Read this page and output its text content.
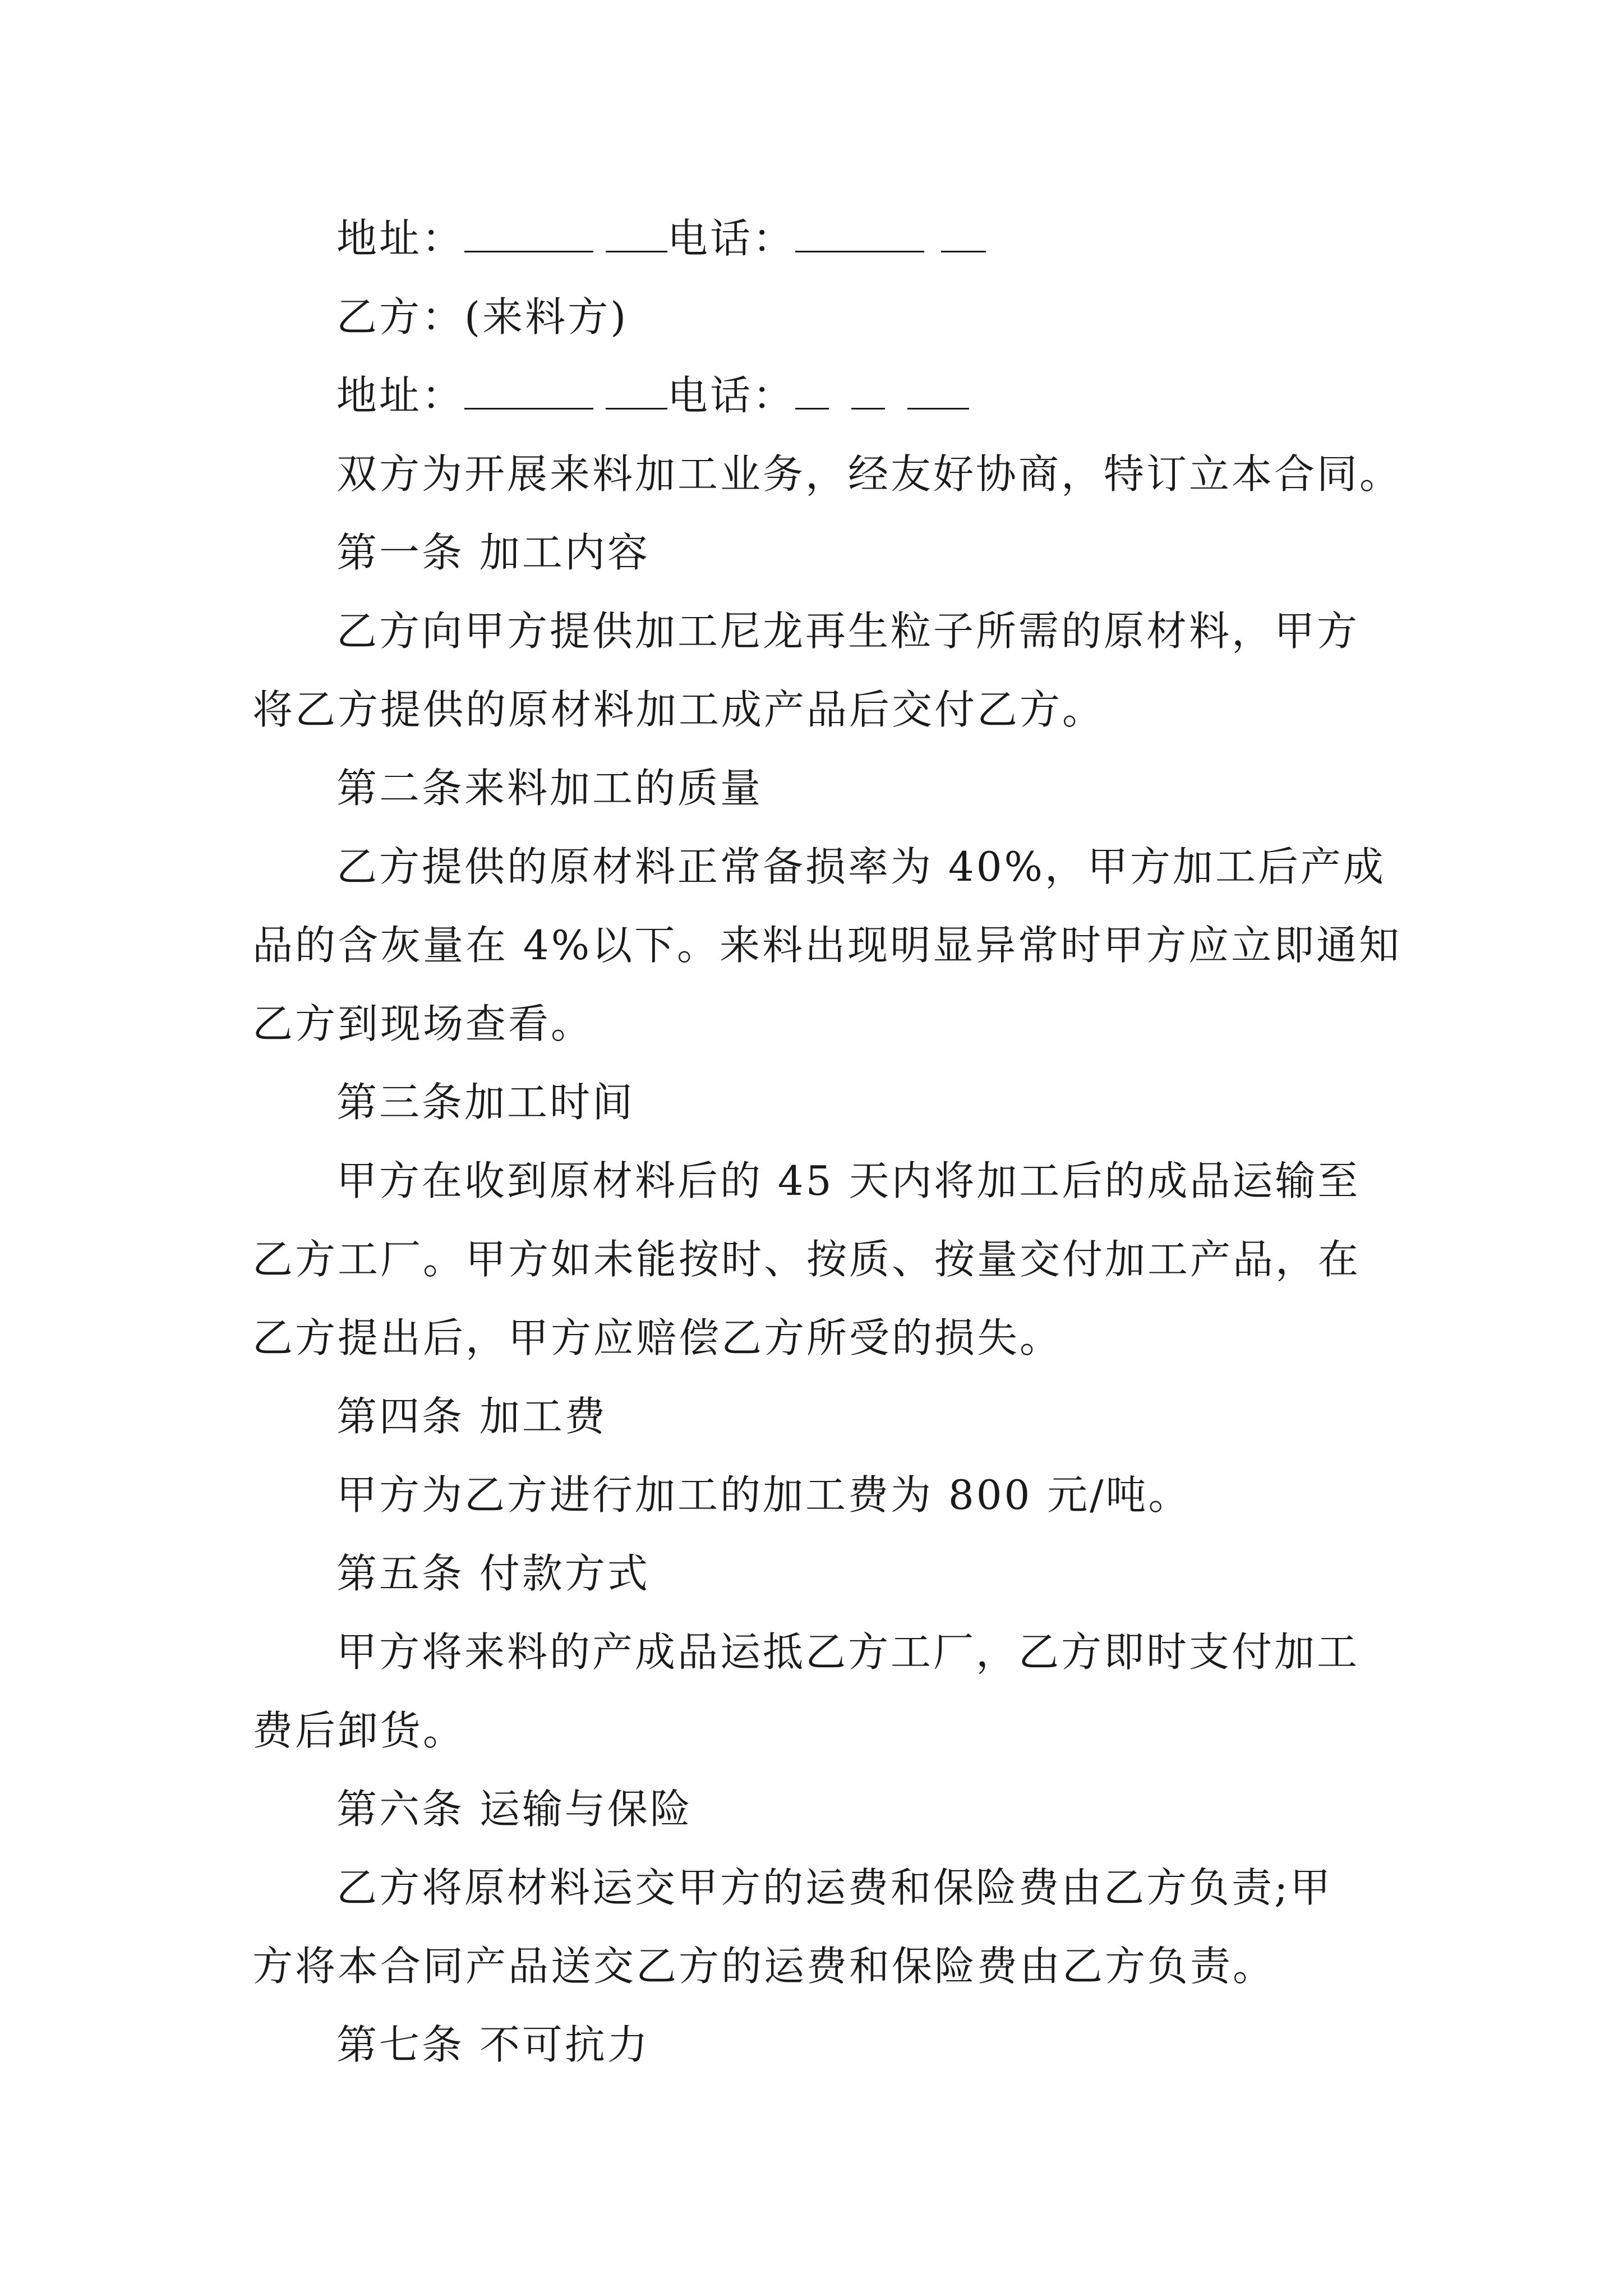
地址：	电话：
乙方：(来料方)
地址：	电话：
双方为开展来料加工业务，经友好协商，特订立本合同。
第一条 加工内容
乙方向甲方提供加工尼龙再生粒子所需的原材料，甲方
将乙方提供的原材料加工成产品后交付乙方。
第二条来料加工的质量
乙方提供的原材料正常备损率为 40%，甲方加工后产成
品的含灰量在 4%以下。来料出现明显异常时甲方应立即通知
乙方到现场查看。
第三条加工时间
甲方在收到原材料后的 45 天内将加工后的成品运输至
乙方工厂。甲方如未能按时、按质、按量交付加工产品，在
乙方提出后，甲方应赔偿乙方所受的损失。
第四条 加工费
甲方为乙方进行加工的加工费为 800 元/吨。
第五条 付款方式
甲方将来料的产成品运抵乙方工厂，乙方即时支付加工
费后卸货。
第六条 运输与保险
乙方将原材料运交甲方的运费和保险费由乙方负责;甲
方将本合同产品送交乙方的运费和保险费由乙方负责。
第七条 不可抗力
